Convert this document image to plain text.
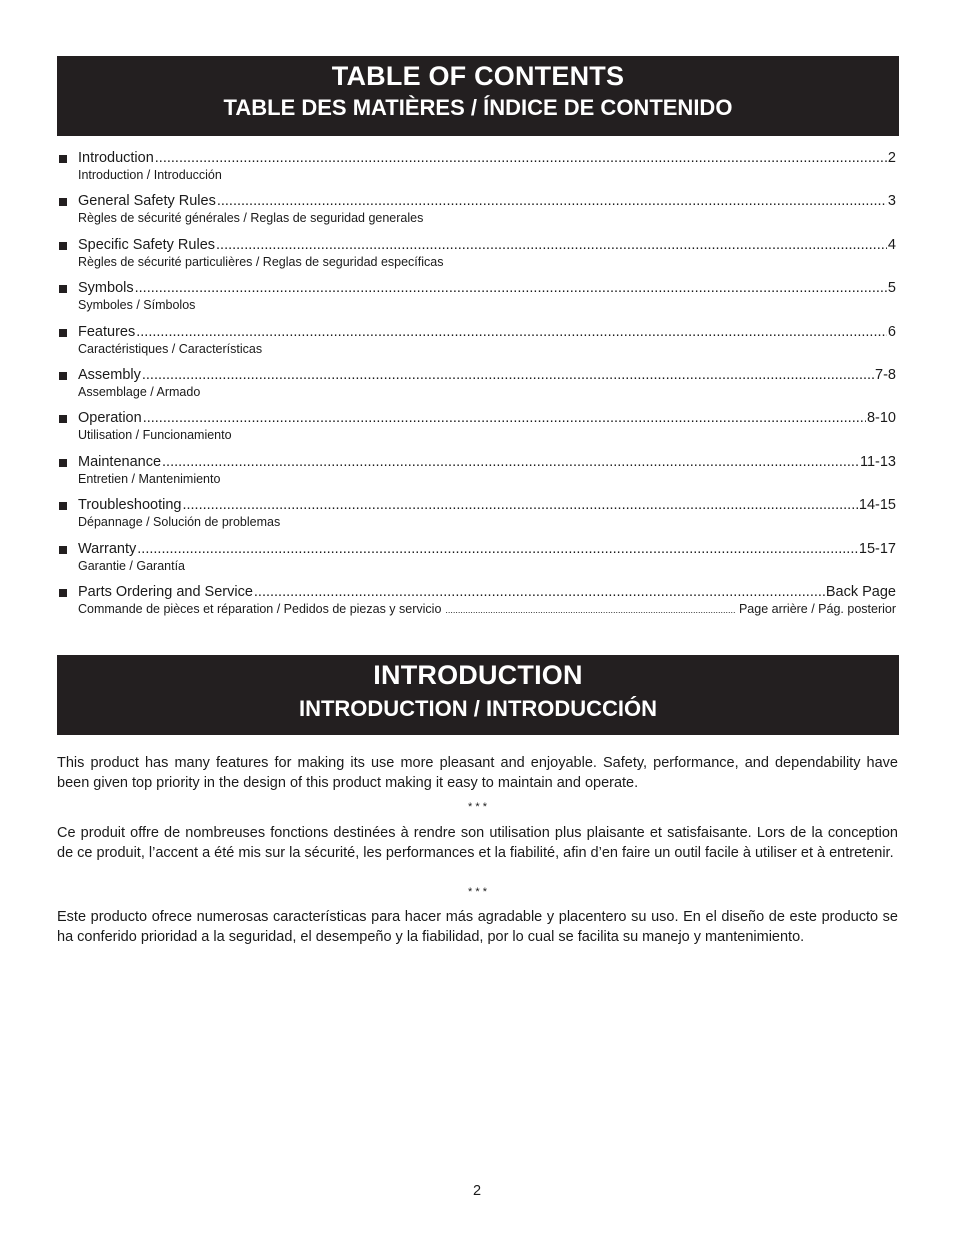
TABLE OF CONTENTS
TABLE DES MATIÈRES / ÍNDICE DE CONTENIDO
Introduction .....	2
Introduction / Introducción
General Safety Rules .....	3
Règles de sécurité générales / Reglas de seguridad generales
Specific Safety Rules .....	4
Règles de sécurité particulières / Reglas de seguridad específicas
Symbols .....	5
Symboles / Símbolos
Features .....	6
Caractéristiques / Características
Assembly .....	7-8
Assemblage / Armado
Operation .....	8-10
Utilisation / Funcionamiento
Maintenance .....	11-13
Entretien / Mantenimiento
Troubleshooting .....	14-15
Dépannage / Solución de problemas
Warranty .....	15-17
Garantie / Garantía
Parts Ordering and Service .....	Back Page
Commande de pièces et réparation / Pedidos de piezas y servicio .....	Page arrière / Pág. posterior
INTRODUCTION
INTRODUCTION / INTRODUCCIÓN

This product has many features for making its use more pleasant and enjoyable. Safety, performance, and dependability have been given top priority in the design of this product making it easy to maintain and operate.

* * *

Ce produit offre de nombreuses fonctions destinées à rendre son utilisation plus plaisante et satisfaisante. Lors de la conception de ce produit, l’accent a été mis sur la sécurité, les performances et la fiabilité, afin d’en faire un outil facile à utiliser et à entretenir.

* * *

Este producto ofrece numerosas características para hacer más agradable y placentero su uso. En el diseño de este producto se ha conferido prioridad a la seguridad, el desempeño y la fiabilidad, por lo cual se facilita su manejo y mantenimiento.

2
